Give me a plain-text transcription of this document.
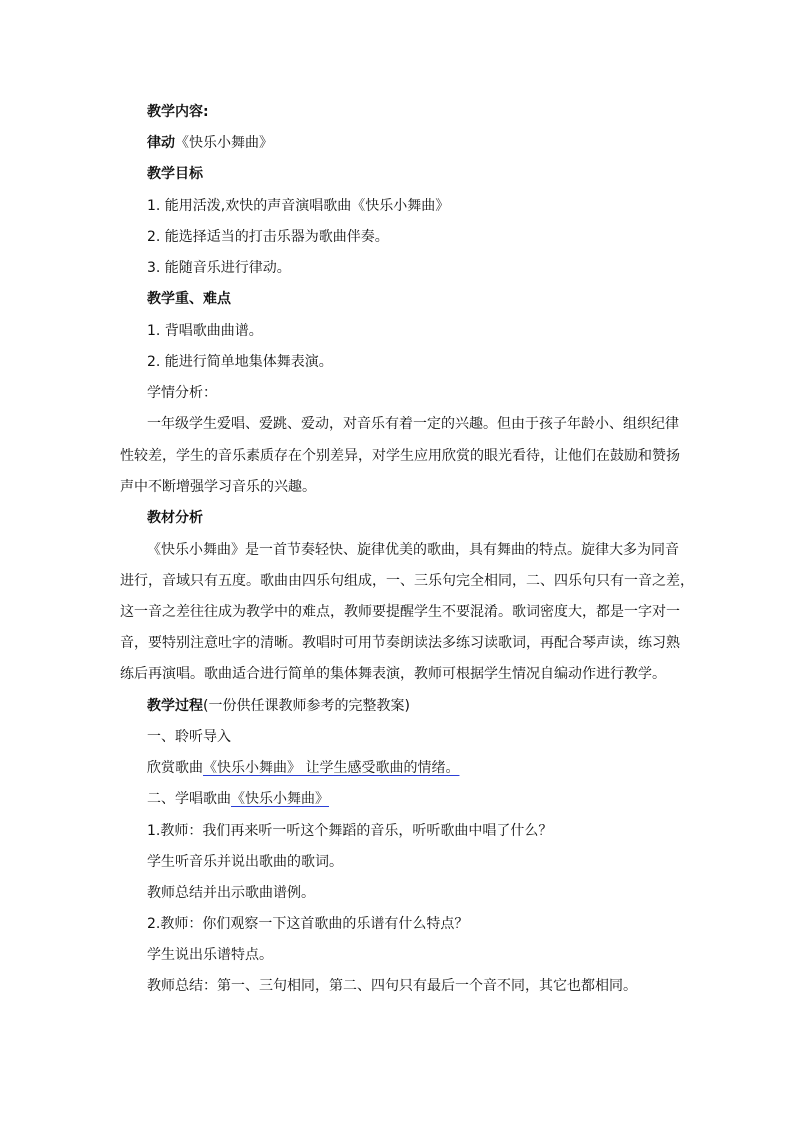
教学内容:
律动《快乐小舞曲》
教学目标
1. 能用活泼,欢快的声音演唱歌曲《快乐小舞曲》
2. 能选择适当的打击乐器为歌曲伴奏。
3. 能随音乐进行律动。
教学重、难点
1. 背唱歌曲曲谱。
2. 能进行简单地集体舞表演。
学情分析：
一年级学生爱唱、爱跳、爱动，对音乐有着一定的兴趣。但由于孩子年龄小、组织纪律
性较差，学生的音乐素质存在个别差异，对学生应用欣赏的眼光看待，让他们在鼓励和赞扬
声中不断增强学习音乐的兴趣。
教材分析
《快乐小舞曲》是一首节奏轻快、旋律优美的歌曲，具有舞曲的特点。旋律大多为同音
进行，音域只有五度。歌曲由四乐句组成，一、三乐句完全相同，二、四乐句只有一音之差，
这一音之差往往成为教学中的难点，教师要提醒学生不要混淆。歌词密度大，都是一字对一
音，要特别注意吐字的清晰。教唱时可用节奏朗读法多练习读歌词，再配合琴声读，练习熟
练后再演唱。歌曲适合进行简单的集体舞表演，教师可根据学生情况自编动作进行教学。
教学过程(一份供任课教师参考的完整教案)
一、聆听导入
欣赏歌曲《快乐小舞曲》 让学生感受歌曲的情绪。
二、学唱歌曲《快乐小舞曲》
1.教师：我们再来听一听这个舞蹈的音乐，听听歌曲中唱了什么？
学生听音乐并说出歌曲的歌词。
教师总结并出示歌曲谱例。
2.教师：你们观察一下这首歌曲的乐谱有什么特点？
学生说出乐谱特点。
教师总结：第一、三句相同，第二、四句只有最后一个音不同，其它也都相同。
